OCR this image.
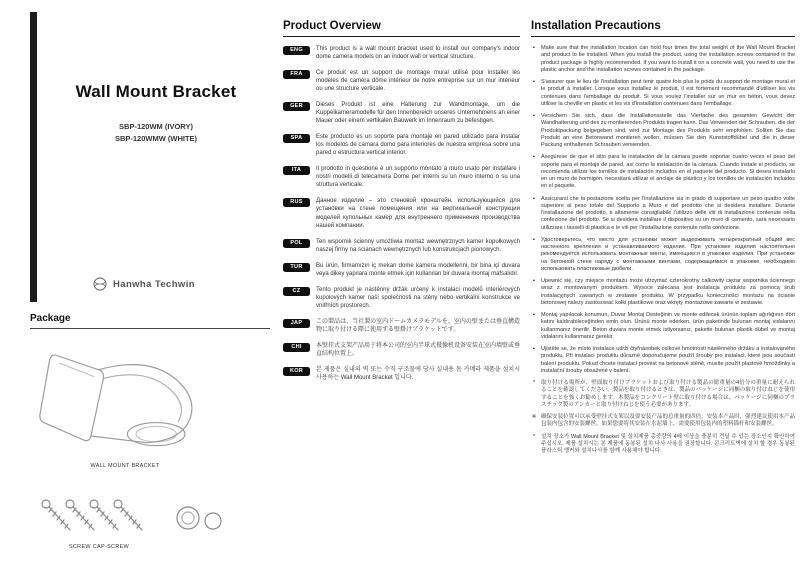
Wall Mount Bracket
SBP-120WM (IVORY)
SBP-120WMW (WHITE)
Hanwha Techwin
Package
WALL MOUNT BRACKET
SCREW CAP-SCREW
Product Overview
ENG	This product is a wall mount bracket used to install our company's indoor dome camera models on an indoor wall or vertical structure.
FRA	Ce produit est un support de montage mural utilisé pour installer les modèles de caméra dôme intérieur de notre entreprise sur un mur intérieur ou une structure verticale.
GER	Dieses Produkt ist eine Halterung zur Wandmontage, um die Kuppelkameramodelle für den Innenbereich unseres Unternehmens an einer Mauer oder einem vertikalen Bauwerk im Innenraum zu befestigen.
SPA	Este producto es un soporte para montaje en pared utilizado para instalar los modelos de cámara domo para interiores de nuestra empresa sobre una pared o estructura vertical interior.
ITA	Il prodotto in questione è un supporto montato a muro usato per installare i nostri modelli di telecamera Dome per interni su un muro interno o su una struttura verticale.
RUS	Данное изделие – это стеновой кронштейн, использующийся для установки на стене помещения или на вертикальной конструкции моделей купольных камер для внутреннего применения производства нашей компании.
POL	Ten wspornik ścienny umożliwia montaż wewnętrznych kamer kopułkowych naszej firmy na ścianach wewnętrznych lub konstrukcjach pionowych.
TUR	Bu ürün, firmamızın iç mekan dome kamera modellerini, bir bina içi duvara veya dikey yapılara monte etmek için kullanılan bir duvara montaj mafsalıdır.
CZ	Tento produkt je nástěnný držák určený k instalaci modelů interiérových kupolových kamer naší společnosti na stěny nebo vertikální konstrukce ve vnitřních prostorech.
JAP	この製品は、当社製の室内ドームカメラモデルを、室内の壁または垂直構造物に取り付ける際に使用する壁掛けブラケットです。
CHI	本壁挂式支架产品用于将本公司的室内半球式摄像机设备安装在室内墙壁或垂直结构位置上。
KOR	본 제품은 실내의 벽 또는 수직 구조물에 당사 실내용 돔 카메라 제품을 설치시 사용하는 Wall Mount Bracket 입니다.
Installation Precautions
▪	Make sure that the installation location can hold four times the total weight of the Wall Mount Bracket and product to be installed. When you install the product, using the installation screws contained in the product package is highly recommended. If you want to install it on a concrete wall, you need to use the plastic anchor and the installation screws contained in the package.
▪	S'assurer que le lieu de l'installation peut tenir quatre fois plus le poids du support de montage mural et le produit à installer. Lorsque vous installez le produit, il est fortement recommandé d'utiliser les vis contenues dans l'emballage du produit. Si vous voulez l'installer sur un mur en béton, vous devez utiliser la cheville en plastic et les vis d'installation contenues dans l'emballage.
▪	Versichern Sie sich, dass die Installationsstelle das Vierfache des gesamten Gewicht der Wandhalterung und des zu montierenden Produkts tragen kann. Das Verwenden der Schrauben, die der Produktpackung beigegeben sind, wird zur Montage des Produkts sehr empfohlen. Sollten Sie das Produkt an eine Betonwand montieren wollen, müssen Sie den Kunststoffdübel und die in dieser Packung enthaltenen Schrauben verwenden.
▪	Asegúrese de que el sitio para la instalación de la cámara puede soportar cuatro veces el peso del soporte para el montaje de pared, así como la instalación de la cámara. Cuando instale el producto, se recomienda utilizar los tornillos de instalación incluidos en el paquete del producto. Si desea instalarlo en un muro de hormigón, necesitará utilizar el anclaje de plástico y los tornillos de instalación incluidos en el paquete.
▪	Assicurarsi che la postazione scelta per l'installazione sia in grado di supportare un peso quattro volte superiore al peso totale del Supporto a Muro e del prodotto che si desidera installare. Durante l'installazione del prodotto, è altamente consigliabile l'utilizzo delle viti di installazione contenute nella confezione del prodotto. Se si desidera installare il dispositivo su un muro di cemento, sarà necessario utilizzare i tasselli di plastica e le viti per l'installazione contenute nella confezione.
▪	Удостоверьтесь, что место для установки может выдерживать четырехкратный общий вес настенного крепления и устанавливаемого изделия. При установке изделия настоятельно рекомендуется использовать монтажные винты, имеющиеся в упаковке изделия. При установке на бетонной стене наряду с монтажными винтами, содержащимися в упаковке, необходимо использовать пластиковые дюбели.
▪	Upewnić się, czy miejsce montażu może utrzymać czterokrotny całkowity ciężar wspornika ściennego wraz z montowanym produktem. Wysoce zalecana jest instalacja produktu za pomocą śrub instalacyjnych zawartych w zestawie produktu. W przypadku konieczności montażu na ścianie betonowej należy zastosować kołki plastikowe oraz wkręty montażowe zawarte w zestawie.
▪	Montaj yapılacak konumun, Duvar Montaj Desteğinin ve monte edilecek ürünün toplam ağırlığının dört katını kaldırabileceğinden emin olun. Ürünü monte ederken, ürün paketinde bulunan montaj vidalarını kullanmanız önerilir. Beton duvara monte etmek istiyorsanız, pakette bulunan plastik dübel ve montaj vidalarını kullanmanız gerekir.
▪	Ujistěte se, že místo instalace udrží čtyřnásobek celkové hmotnosti nástěnného držáku a instalovaného produktu. Při instalaci produktu důrazně doporučujeme použít šrouby pro instalaci, které jsou součástí balení produktu. Pokud chcete instalaci provést na betonové stěně, musíte použít plastové hmoždinky a instalační šrouby obsažené v balení.
*	取り付ける場所が、壁面取り付けブラケットおよび取り付ける製品の総重量の4倍分の重量に耐えられることを確認してください。製品を取り付けるときは、製品のパッケージに同梱の取り付けねじを使用することを強くお勧めします。本製品をコンクリート壁に取り付ける場合は、パッケージに同梱のプラスチック製のアンカーと取り付けねじを使う必要があります。
※ 确保安装位置可以承受壁挂式支架以及要安装产品的总重量的四倍。安装本产品时，强烈建议使用本产品包装内包含的安装螺丝。如果您要将其安装在水泥墙上，需要使用包装内的塑料锚杆和安装螺丝。
*	설치 장소가 Wall Mount Bracket 및 설치제품 총중량의 4배 이상을 충분히 견딜 수 있는 장소인지 확인하여 주십시오. 제품 설치시는 본 제품에 동봉된 설치 나사 사용을 권장합니다. 콘크리트벽에 설치 할 경우 동봉된 플라스틱 앵커와 설치나사를 함께 사용해야 합니다.
